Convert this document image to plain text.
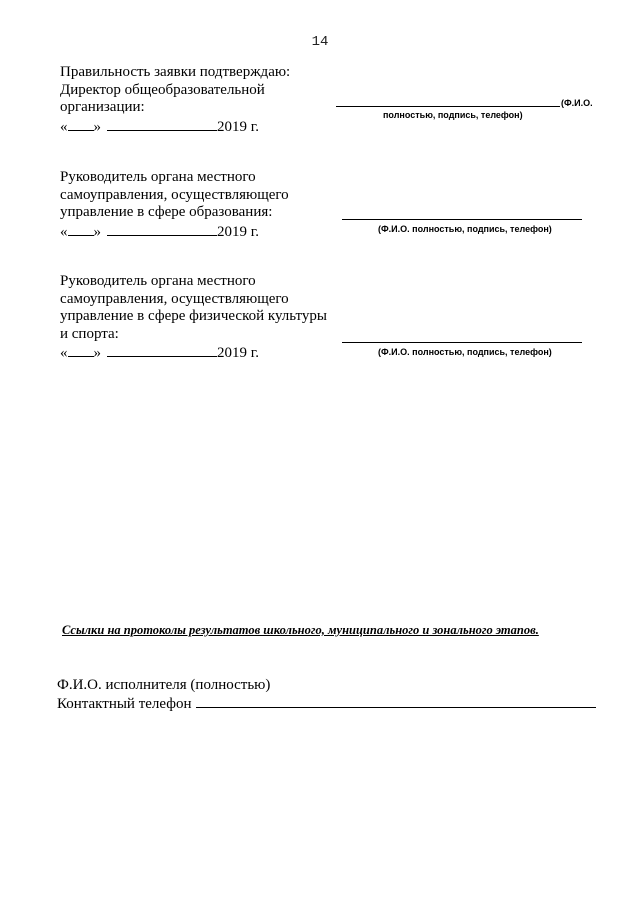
14
Правильность заявки подтверждаю:
Директор общеобразовательной
организации:
« »	2019 г.
(Ф.И.О.
полностью, подпись, телефон)
Руководитель органа местного
самоуправления, осуществляющего
управление в сфере образования:
« »	2019 г.	(Ф.И.О. полностью, подпись, телефон)
Руководитель органа местного
самоуправления, осуществляющего
управление в сфере физической культуры
и спорта:
« »	2019 г.	(Ф.И.О. полностью, подпись, телефон)
Ссылки на протоколы результатов школьного, муниципального и зонального этапов.
Ф.И.О. исполнителя (полностью)
Контактный телефон
